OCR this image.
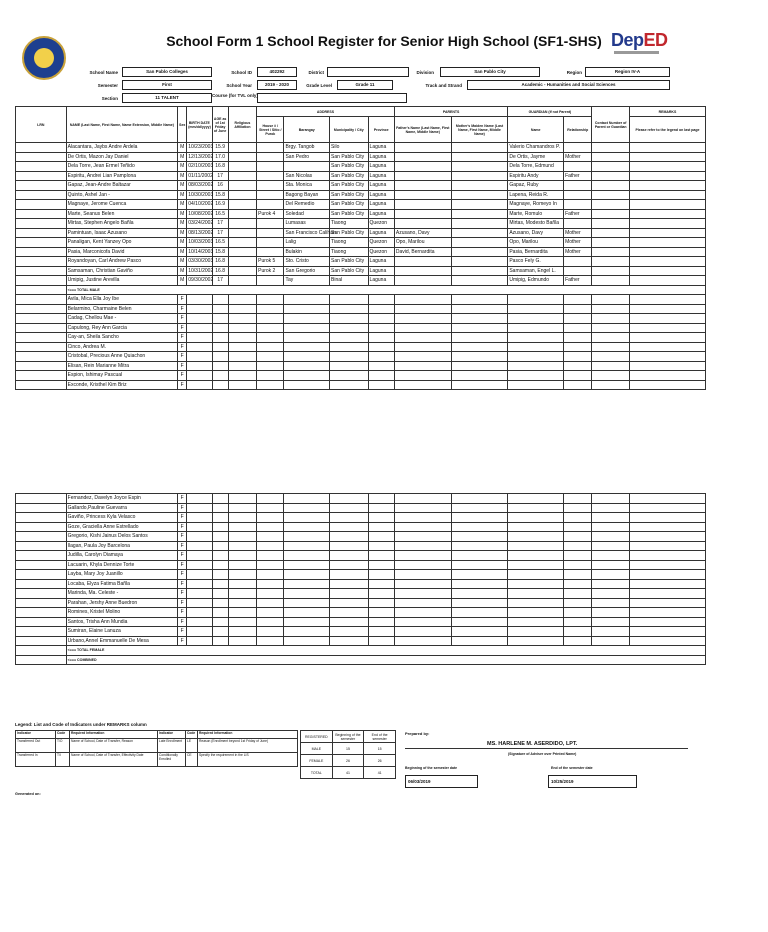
School Form 1 School Register for Senior High School (SF1-SHS) DepED
School Name	San Pablo Colleges	School ID	402292	District	Division	San Pablo City	Region	Region IV-A
Semester	First	School Year	2019 - 2020	Grade Level	Grade 11	Track and Strand	Academic - Humanities and Social Sciences
Section	11 TALENT	Course (for TVL only)
LRN	NAME (Last Name, First Name, Name Extension, Middle Name)	Sex	BIRTH DATE (mm/dd/yyyy)	AGE as of 1st Friday of June	Religious Affiliation	ADDRESS				PARENTS		GUARDIAN (If not Parent)		Contact Number of Parent or Guardian	REMARKS
						House # / Street / Sitio / Purok	Barangay	Municipality / City	Province	Father's Name (Last Name, First Name, Middle Name)	Mother's Maiden Name (Last Name, First Name, Middle Name)	Name	Relationship		Please refer to the legend on last page
	Alacantara, Jaybs Andre Ardela	M	10/23/2003	15.9			Brgy. Tangob	Silo	Laguna			Valerio Chamandros P.			
	De Ortis, Mazon Jay Daniel	M	12/13/2002	17.0			San Pedro	San Pablo City	Laguna			De Ortis, Jayme	Mother		
	Dela Torre, Jean Ermel Teñido	M	02/10/2003	16.8				San Pablo City	Laguna			Dela Torre, Edmund			
	Espiritu, Andrei Lian Pamplona	M	01/11/2002	17			San Nicolas	San Pablo City	Laguna			Espiritu Andy	Father		
	Gapaz, Jean-Andre Baltazar	M	08/03/2002	16			Sta. Monica	San Pablo City	Laguna			Gapaz, Ruby			
	Quinto, Ashel Jan -	M	10/30/2003	15.8			Bagong Bayan	San Pablo City	Laguna			Lapena, Reida R.			
	Magnaye, Jerome Cuenca	M	04/10/2002	16.9			Del Remedio	San Pablo City	Laguna			Magnaye, Romeyo In			
	Marte, Seanus Belen	M	10/08/2002	16.5		Purok 4	Soledad	San Pablo City	Laguna			Marte, Romulo	Father		
	Mirtas, Stephen Angelo Bañla	M	03/24/2002	17			Lumasas	Tiaong	Quezon			Mirtas, Modesto Bañla			
	Pamintuan, Isaac Azusano	M	08/13/2002	17			San Francisco Calihan	San Pablo City	Laguna	Azusano, Davy		Azusano, Davy	Mother		
	Panaligan, Kent Yanzey Opo	M	10/03/2003	16.5			Lalig	Tiaong	Quezon	Opo, Marilou		Opo, Marilou	Mother		
	Pasia, Marconicofa David	M	10/14/2003	15.8			Bulakin	Tiaong	Quezon	David, Bernardita		Pasia, Bernardita	Mother		
	Royandoyan, Carl Andrew Pasco	M	03/30/2003	16.8		Purok 5	Sto. Cristo	San Pablo City	Laguna			Pasco Fely G.			
	Samsaman, Christian Gaviño	M	10/31/2002	16.8		Purok 2	San Gregorio	San Pablo City	Laguna			Samsaman, Engel L.			
	Umipig, Justine Arevilla	M	09/30/2002	17			Tay	Binal	Laguna			Umipig, Edmundo	Father		
	<=== TOTAL MALE														
	Avila, Mica Ella Joy Ibe	F													
	Belarmino, Charmaine Belen	F													
	Cadag, Chellou Mae -	F													
	Capulong, Rey Ann Garcia	F													
	Cay-an, Sheila Sancho	F													
	Cinco, Andrea M.	F													
	Cristobal, Precious Anne Quiachon	F													
	Elisan, Rein Marianne Mitra	F													
	Espion, Ishimay Pascual	F													
	Exconde, Kristhel Kim Briz	F													
	Fernandez, Davelyn Joyce Espin	F													
	Gallardo,Pauline Guevarra	F													
	Gaviño, Princess Kyla Velasco	F													
	Goze, Graciella Anne Estrellado	F													
	Gregorio, Kishi Jainus Delos Santos	F													
	Ilagan, Paula Joy Barcelona	F													
	Judilla, Carolyn Diamaya	F													
	Lacuarin, Khyla Dennize Torte	F													
	Layba, Mary Joy Juanillo	F													
	Locaba, Elyza Fatima Bañla	F													
	Marinda, Ma. Celeste -	F													
	Parahan, Jershy Anne Buedron	F													
	Romines, Kristel Molino	F													
	Santos, Trisha Ann Mundia	F													
	Sumiran, Elaine Lanuza	F													
	Urbano,Annel Emmanuelle De Mesa	F													
	<=== TOTAL FEMALE														
	<=== COMBINED														
Legend: List and Code of Indicators under REMARKS column
Indicator	Code	Required Information	Indicator	Code	Required Information
Transferred Out	T/O	Name of School, Date of Transfer, Reason	Late Enrollment	LE	Reason (Enrollment beyond 1st Friday of June)
Transferred In	T/I	Name of School, Date of Transfer, Effectivity Date	Conditionally Enrolled	CE	Specify the requirement in the LIS
REGISTERED	Beginning of the semester	End of the semester
MALE	15	15
FEMALE	26	26
TOTAL	41	41
Prepared by:
MS. HARLENE M. ASERDIDO, LPT.
(Signature of Adviser over Printed Name)
Beginning of the semester date	End of the semester date
06/03/2019	10/25/2019
Generated on:
